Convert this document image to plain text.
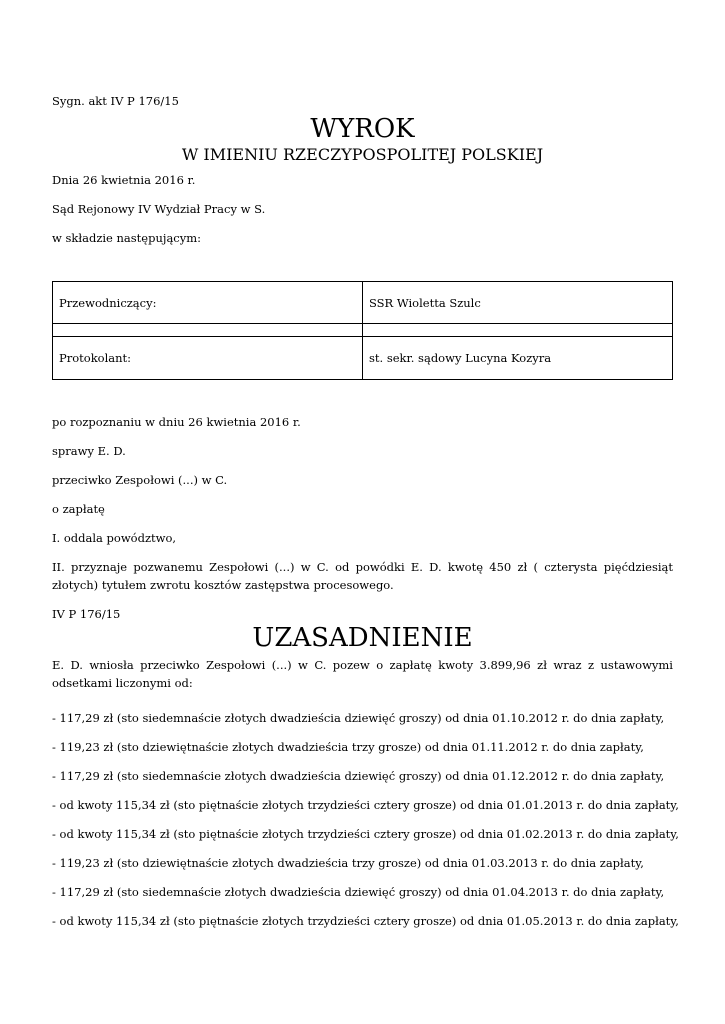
Sygn. akt IV P 176/15
WYROK
W IMIENIU RZECZYPOSPOLITEJ POLSKIEJ
Dnia 26 kwietnia 2016 r.
Sąd Rejonowy IV Wydział Pracy w S.
w składzie następującym:
Przewodniczący:	SSR Wioletta Szulc

Protokolant:	st. sekr. sądowy Lucyna Kozyra
po rozpoznaniu w dniu 26 kwietnia 2016 r.
sprawy E. D.
przeciwko Zespołowi (...) w C.
o zapłatę
I. oddala powództwo,
II. przyznaje pozwanemu Zespołowi (...) w C. od powódki E. D. kwotę 450 zł ( czterysta pięćdziesiąt złotych) tytułem zwrotu kosztów zastępstwa procesowego.
IV P 176/15
UZASADNIENIE
E. D. wniosła przeciwko Zespołowi (...) w C. pozew o zapłatę kwoty 3.899,96 zł wraz z ustawowymi odsetkami liczonymi od:
- 117,29 zł (sto siedemnaście złotych dwadzieścia dziewięć groszy) od dnia 01.10.2012 r. do dnia zapłaty,
- 119,23 zł (sto dziewiętnaście złotych dwadzieścia trzy grosze) od dnia 01.11.2012 r. do dnia zapłaty,
- 117,29 zł (sto siedemnaście złotych dwadzieścia dziewięć groszy) od dnia 01.12.2012 r. do dnia zapłaty,
- od kwoty 115,34 zł (sto piętnaście złotych trzydzieści cztery grosze) od dnia 01.01.2013 r. do dnia zapłaty,
- od kwoty 115,34 zł (sto piętnaście złotych trzydzieści cztery grosze) od dnia 01.02.2013 r. do dnia zapłaty,
- 119,23 zł (sto dziewiętnaście złotych dwadzieścia trzy grosze) od dnia 01.03.2013 r. do dnia zapłaty,
- 117,29 zł (sto siedemnaście złotych dwadzieścia dziewięć groszy) od dnia 01.04.2013 r. do dnia zapłaty,
- od kwoty 115,34 zł (sto piętnaście złotych trzydzieści cztery grosze) od dnia 01.05.2013 r. do dnia zapłaty,
